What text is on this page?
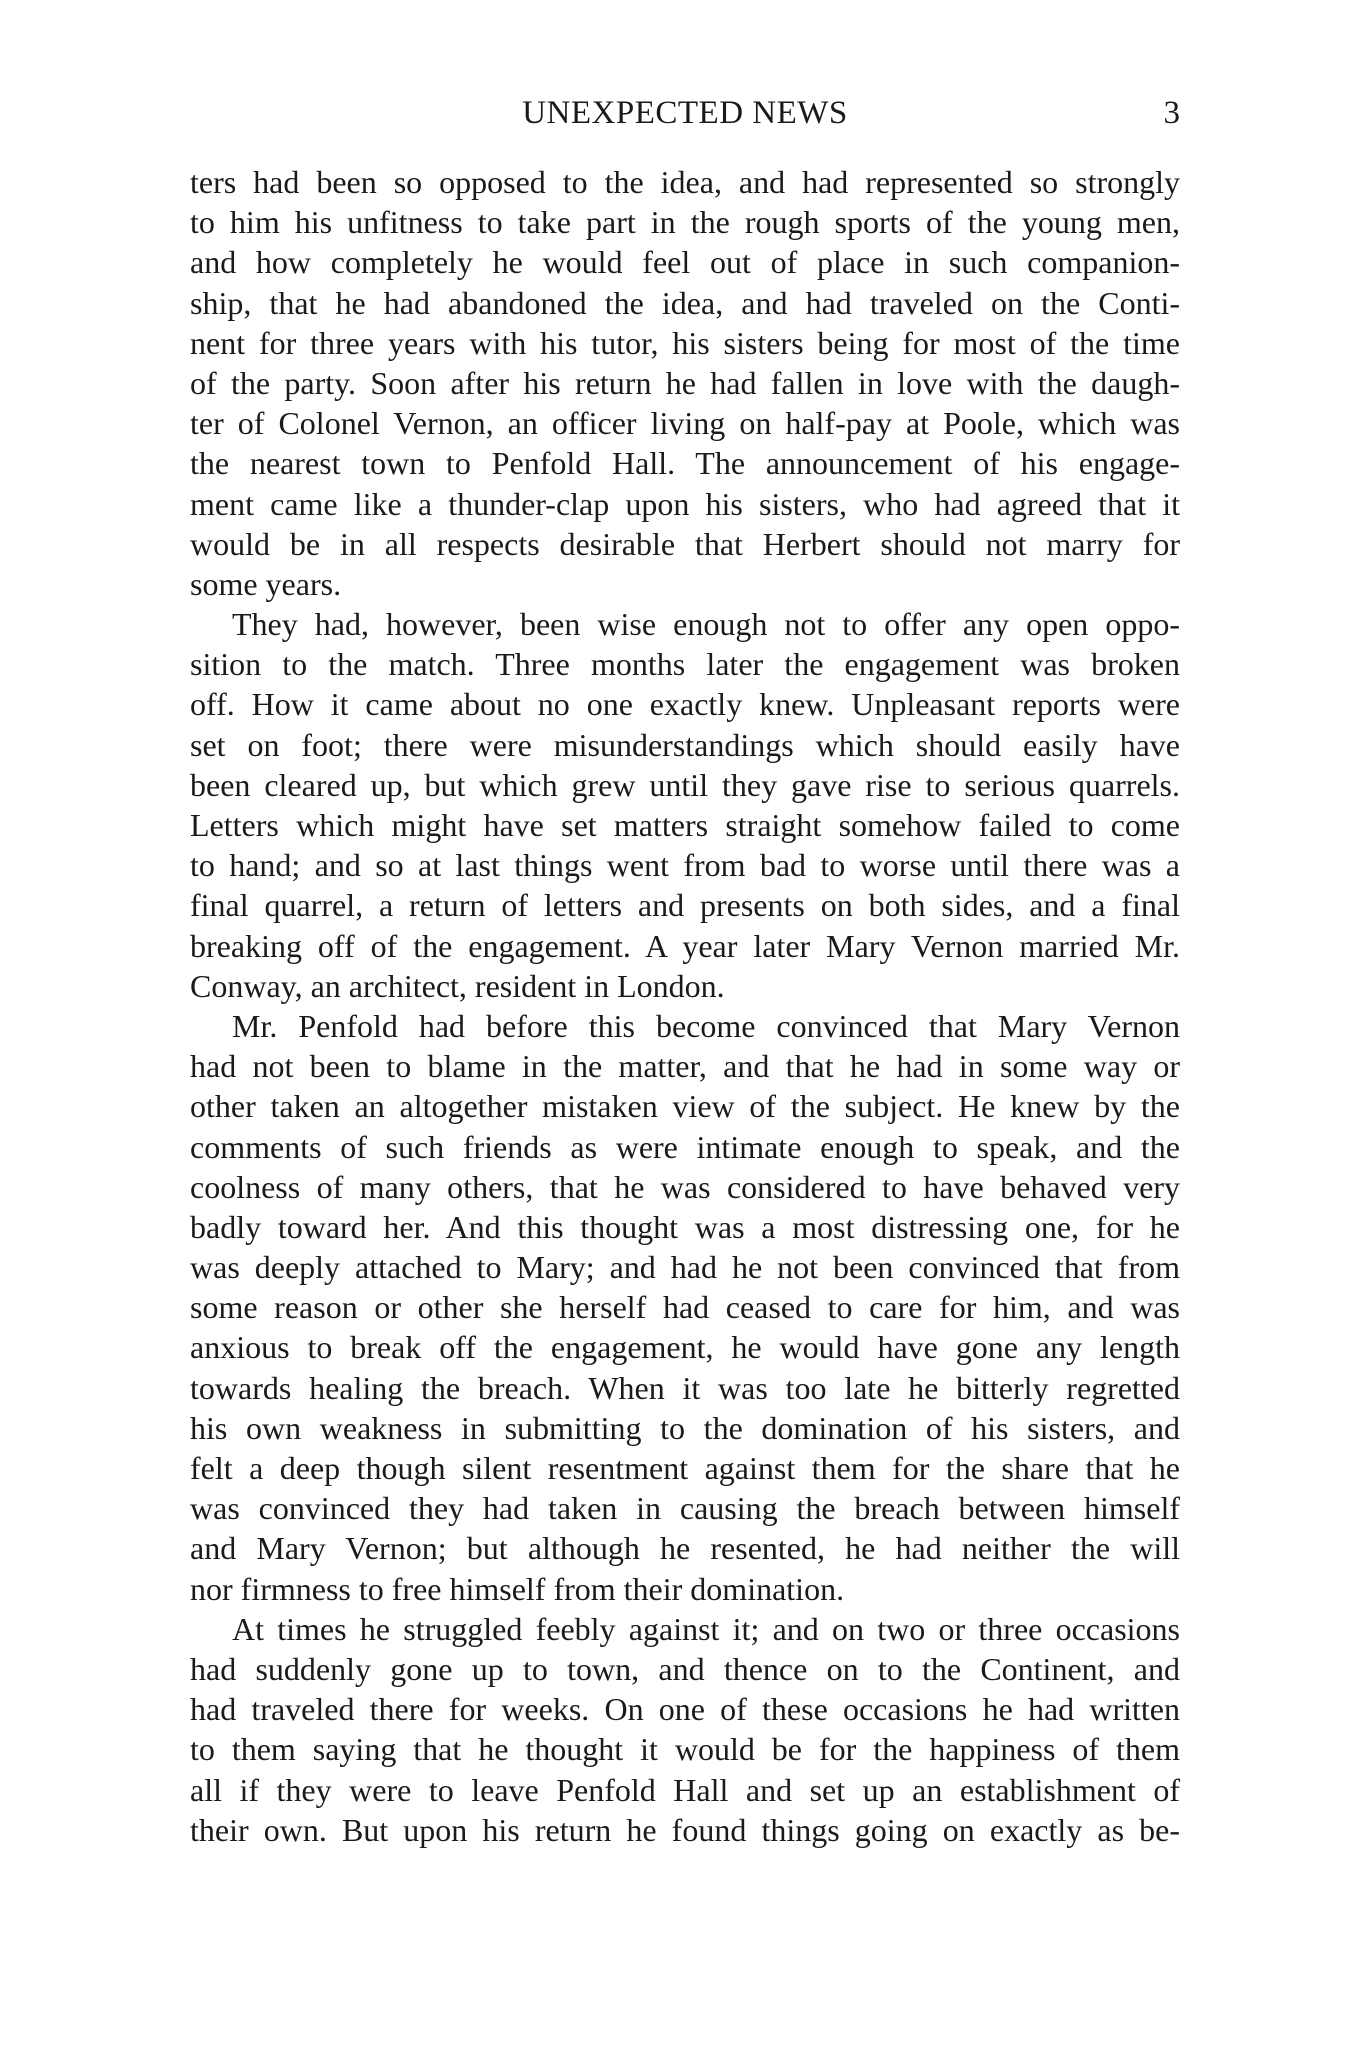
UNEXPECTED NEWS	3
ters had been so opposed to the idea, and had represented so strongly
to him his unfitness to take part in the rough sports of the young men,
and how completely he would feel out of place in such companion-
ship, that he had abandoned the idea, and had traveled on the Conti-
nent for three years with his tutor, his sisters being for most of the time
of the party. Soon after his return he had fallen in love with the daugh-
ter of Colonel Vernon, an officer living on half-pay at Poole, which was
the nearest town to Penfold Hall. The announcement of his engage-
ment came like a thunder-clap upon his sisters, who had agreed that it
would be in all respects desirable that Herbert should not marry for
some years.
They had, however, been wise enough not to offer any open oppo-
sition to the match. Three months later the engagement was broken
off. How it came about no one exactly knew. Unpleasant reports were
set on foot; there were misunderstandings which should easily have
been cleared up, but which grew until they gave rise to serious quarrels.
Letters which might have set matters straight somehow failed to come
to hand; and so at last things went from bad to worse until there was a
final quarrel, a return of letters and presents on both sides, and a final
breaking off of the engagement. A year later Mary Vernon married Mr.
Conway, an architect, resident in London.
Mr. Penfold had before this become convinced that Mary Vernon
had not been to blame in the matter, and that he had in some way or
other taken an altogether mistaken view of the subject. He knew by the
comments of such friends as were intimate enough to speak, and the
coolness of many others, that he was considered to have behaved very
badly toward her. And this thought was a most distressing one, for he
was deeply attached to Mary; and had he not been convinced that from
some reason or other she herself had ceased to care for him, and was
anxious to break off the engagement, he would have gone any length
towards healing the breach. When it was too late he bitterly regretted
his own weakness in submitting to the domination of his sisters, and
felt a deep though silent resentment against them for the share that he
was convinced they had taken in causing the breach between himself
and Mary Vernon; but although he resented, he had neither the will
nor firmness to free himself from their domination.
At times he struggled feebly against it; and on two or three occasions
had suddenly gone up to town, and thence on to the Continent, and
had traveled there for weeks. On one of these occasions he had written
to them saying that he thought it would be for the happiness of them
all if they were to leave Penfold Hall and set up an establishment of
their own. But upon his return he found things going on exactly as be-
